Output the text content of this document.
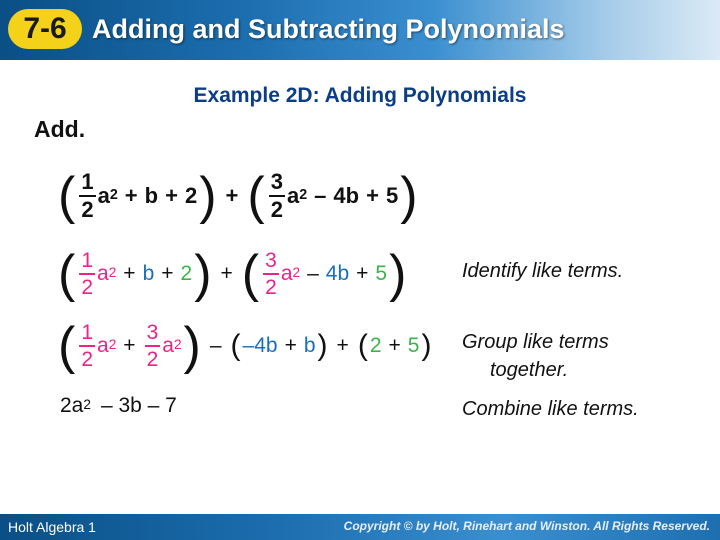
7-6 Adding and Subtracting Polynomials
Example 2D: Adding Polynomials
Add.
( $\frac{1}{2} a^2 + b + 2$ ) + ( $\frac{3}{2} a^2 - 4b + 5$ )
( $\frac{1}{2} a^2 + b + 2$ ) + ( $\frac{3}{2} a^2 - 4b + 5$ )	Identify like terms.
( $\frac{1}{2} a^2 + \frac{3}{2} a^2$ ) – ( –4b + b ) + ( 2 + 5 ) Group like terms
together.
$2a^2 - 3b - 7$	Combine like terms.
Holt Algebra 1	Copyright © by Holt, Rinehart and Winston. All Rights Reserved.
